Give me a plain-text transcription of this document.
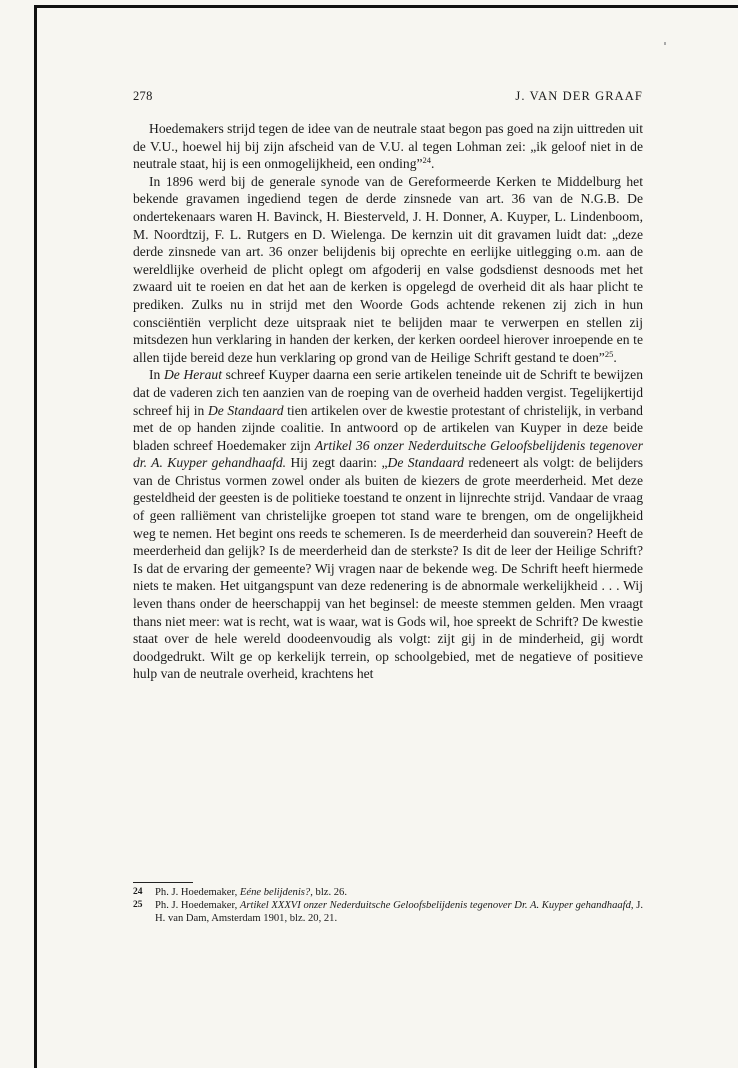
278	J. VAN DER GRAAF

Hoedemakers strijd tegen de idee van de neutrale staat begon pas goed na zijn uittreden uit de V.U., hoewel hij bij zijn afscheid van de V.U. al tegen Lohman zei: „ik geloof niet in de neutrale staat, hij is een onmogelijkheid, een onding”$^{24}$.

In 1896 werd bij de generale synode van de Gereformeerde Kerken te Middelburg het bekende gravamen ingediend tegen de derde zinsnede van art. 36 van de N.G.B. De ondertekenaars waren H. Bavinck, H. Biesterveld, J. H. Donner, A. Kuyper, L. Lindenboom, M. Noordtzij, F. L. Rutgers en D. Wielenga. De kernzin uit dit gravamen luidt dat: „deze derde zinsnede van art. 36 onzer belijdenis bij oprechte en eerlijke uitlegging o.m. aan de wereldlijke overheid de plicht oplegt om afgoderij en valse godsdienst desnoods met het zwaard uit te roeien en dat het aan de kerken is opgelegd de overheid dit als haar plicht te prediken. Zulks nu in strijd met den Woorde Gods achtende rekenen zij zich in hun consciëntiën verplicht deze uitspraak niet te belijden maar te verwerpen en stellen zij mitsdezen hun verklaring in handen der kerken, der kerken oordeel hierover inroepende en te allen tijde bereid deze hun verklaring op grond van de Heilige Schrift gestand te doen”$^{25}$.

In De Heraut schreef Kuyper daarna een serie artikelen teneinde uit de Schrift te bewijzen dat de vaderen zich ten aanzien van de roeping van de overheid hadden vergist. Tegelijkertijd schreef hij in De Standaard tien artikelen over de kwestie protestant of christelijk, in verband met de op handen zijnde coalitie. In antwoord op de artikelen van Kuyper in deze beide bladen schreef Hoedemaker zijn Artikel 36 onzer Nederduitsche Geloofsbelijdenis tegenover dr. A. Kuyper gehandhaafd. Hij zegt daarin: „De Standaard redeneert als volgt: de belijders van de Christus vormen zowel onder als buiten de kiezers de grote meerderheid. Met deze gesteldheid der geesten is de politieke toestand te onzent in lijnrechte strijd. Vandaar de vraag of geen ralliëment van christelijke groepen tot stand ware te brengen, om de ongelijkheid weg te nemen. Het begint ons reeds te schemeren. Is de meerderheid dan souverein? Heeft de meerderheid dan gelijk? Is de meerderheid dan de sterkste? Is dit de leer der Heilige Schrift? Is dat de ervaring der gemeente? Wij vragen naar de bekende weg. De Schrift heeft hiermede niets te maken. Het uitgangspunt van deze redenering is de abnormale werkelijkheid . . . Wij leven thans onder de heerschappij van het beginsel: de meeste stemmen gelden. Men vraagt thans niet meer: wat is recht, wat is waar, wat is Gods wil, hoe spreekt de Schrift? De kwestie staat over de hele wereld doodeenvoudig als volgt: zijt gij in de minderheid, gij wordt doodgedrukt. Wilt ge op kerkelijk terrein, op schoolgebied, met de negatieve of positieve hulp van de neutrale overheid, krachtens het

24 Ph. J. Hoedemaker, Eéne belijdenis?, blz. 26.
25 Ph. J. Hoedemaker, Artikel XXXVI onzer Nederduitsche Geloofsbelijdenis tegenover Dr. A. Kuyper gehandhaafd, J. H. van Dam, Amsterdam 1901, blz. 20, 21.
